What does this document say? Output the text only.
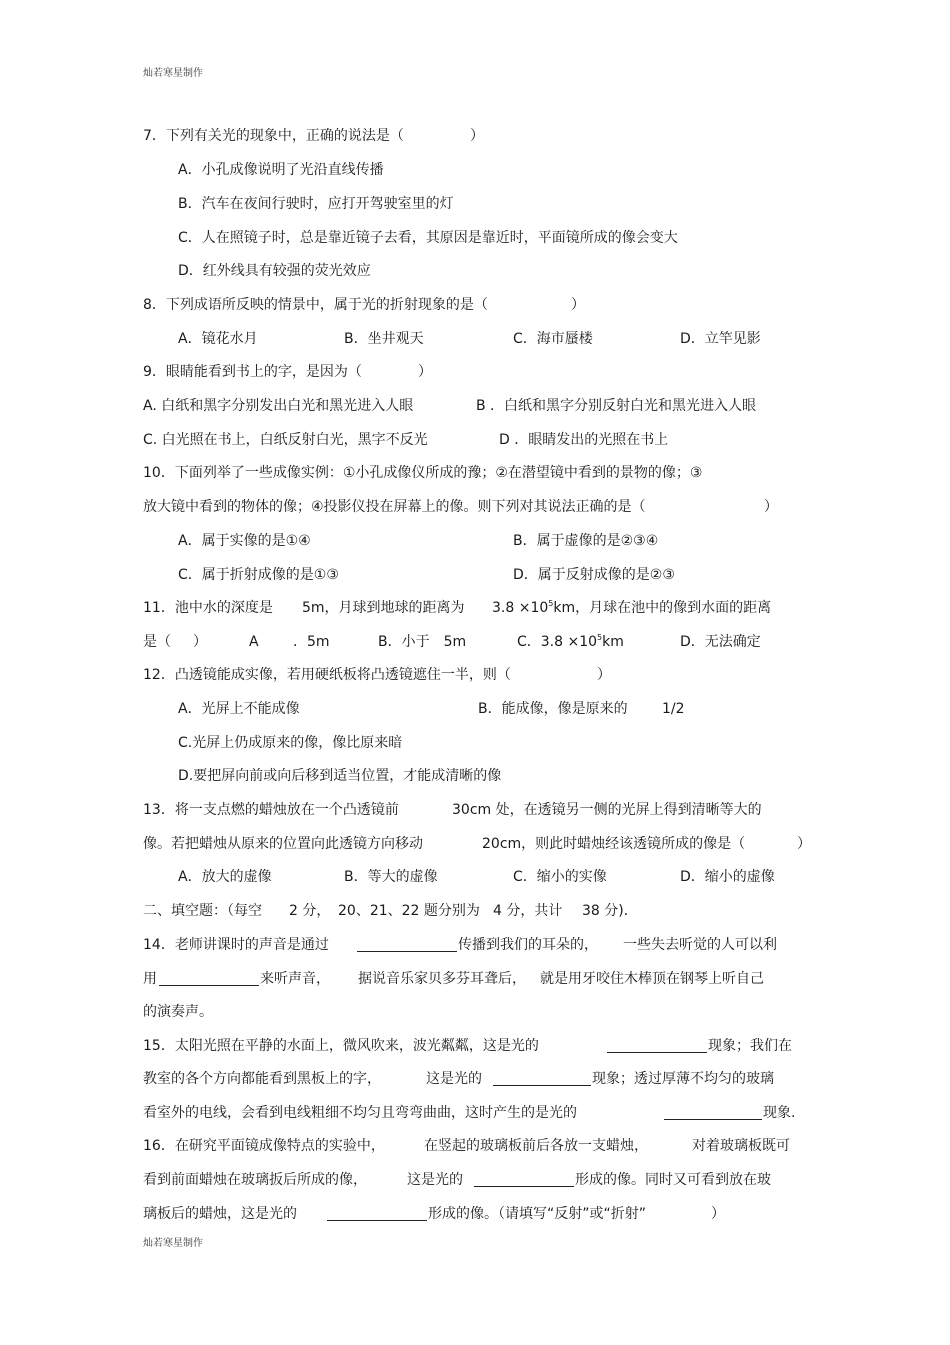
灿若寒星制作
7．下列有关光的现象中，正确的说法是（	）
A．小孔成像说明了光沿直线传播
B．汽车在夜间行驶时，应打开驾驶室里的灯
C．人在照镜子时，总是靠近镜子去看，其原因是靠近时，平面镜所成的像会变大
D．红外线具有较强的荧光效应
8．下列成语所反映的情景中，属于光的折射现象的是（	）
A．镜花水月	B．坐井观天	C．海市蜃楼	D．立竿见影
9．眼睛能看到书上的字，是因为（	）
A. 白纸和黑字分别发出白光和黑光进入人眼	B ．白纸和黑字分别反射白光和黑光进入人眼
C. 白光照在书上，白纸反射白光，黑字不反光	D ．眼睛发出的光照在书上
10．下面列举了一些成像实例：①小孔成像仪所成的豫；②在潜望镜中看到的景物的像；③
放大镜中看到的物体的像；④投影仪投在屏幕上的像。则下列对其说法正确的是（	）
A．属于实像的是①④	B．属于虚像的是②③④
C．属于折射成像的是①③	D．属于反射成像的是②③
11．池中水的深度是 5m，月球到地球的距离为 $3.8 \times 10^5km$，月球在池中的像到水面的距离
是（ ）	A ．5m	B．小于　5m	C．$3.8 \times 10^5km$	D．无法确定
12．凸透镜能成实像，若用硬纸板将凸透镜遮住一半，则（	）
A．光屏上不能成像	B．能成像，像是原来的 1/2
C.光屏上仍成原来的像，像比原来暗
D.要把屏向前或向后移到适当位置，才能成清晰的像
13．将一支点燃的蜡烛放在一个凸透镜前	30cm 处，在透镜另一侧的光屏上得到清晰等大的
像。若把蜡烛从原来的位置向此透镜方向移动	20cm，则此时蜡烛经该透镜所成的像是（	）
A．放大的虚像	B．等大的虚像	C．缩小的实像	D．缩小的虚像
二、填空题：（每空 2 分， 20、21、22 题分别为 4 分，共计 38 分)．
14．老师讲课时的声音是通过	传播到我们的耳朵的， 一些失去听觉的人可以利
用	来听声音， 据说音乐家贝多芬耳聋后， 就是用牙咬住木棒顶在钢琴上听自己
的演奏声。
15．太阳光照在平静的水面上，微风吹来，波光粼粼，这是光的	现象；我们在
教室的各个方向都能看到黑板上的字，	这是光的	现象；透过厚薄不均匀的玻璃
看室外的电线，会看到电线粗细不均匀且弯弯曲曲，这时产生的是光的	现象.
16．在研究平面镜成像特点的实验中，	在竖起的玻璃板前后各放一支蜡烛，	对着玻璃板既可
看到前面蜡烛在玻璃扳后所成的像，	这是光的	形成的像。同时又可看到放在玻
璃板后的蜡烛，这是光的	形成的像。（请填写“反射”或“折射”	）
灿若寒星制作
